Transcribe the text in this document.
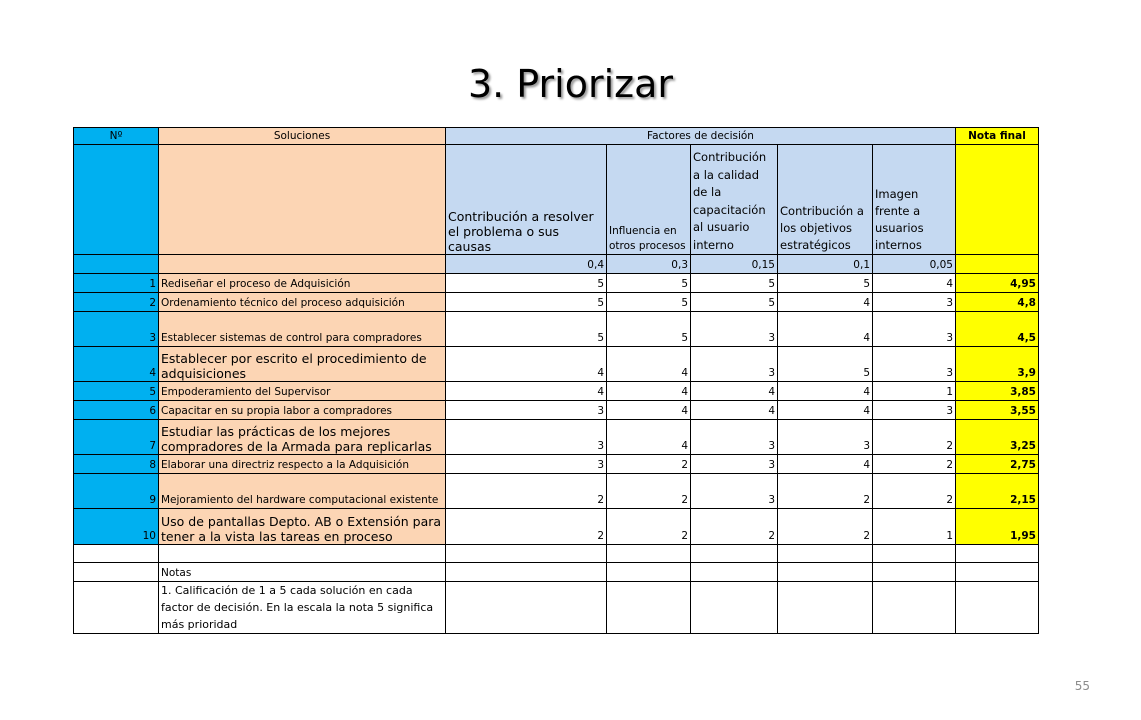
3. Priorizar
Nº	Soluciones	Factores de decisión					Nota final
		Contribución a resolver el problema o sus causas	Influencia en otros procesos	Contribución a la calidad de la capacitación al usuario interno	Contribución a los objetivos estratégicos	Imagen frente a usuarios internos	
		0,4	0,3	0,15	0,1	0,05	
1	Rediseñar el proceso de Adquisición	5	5	5	5	4	4,95
2	Ordenamiento técnico del proceso adquisición	5	5	5	4	3	4,8
3	Establecer sistemas de control para compradores	5	5	3	4	3	4,5
4	Establecer por escrito el procedimiento de adquisiciones	4	4	3	5	3	3,9
5	Empoderamiento del Supervisor	4	4	4	4	1	3,85
6	Capacitar en su propia labor a compradores	3	4	4	4	3	3,55
7	Estudiar las prácticas de los mejores compradores de la Armada para replicarlas	3	4	3	3	2	3,25
8	Elaborar una directriz respecto a la Adquisición	3	2	3	4	2	2,75
9	Mejoramiento del hardware computacional existente	2	2	3	2	2	2,15
10	Uso de pantallas Depto. AB o Extensión para tener a la vista las tareas en proceso	2	2	2	2	1	1,95

	Notas						
	1. Calificación de 1 a 5 cada solución en cada factor de decisión. En la escala la nota 5 significa más prioridad						
55
